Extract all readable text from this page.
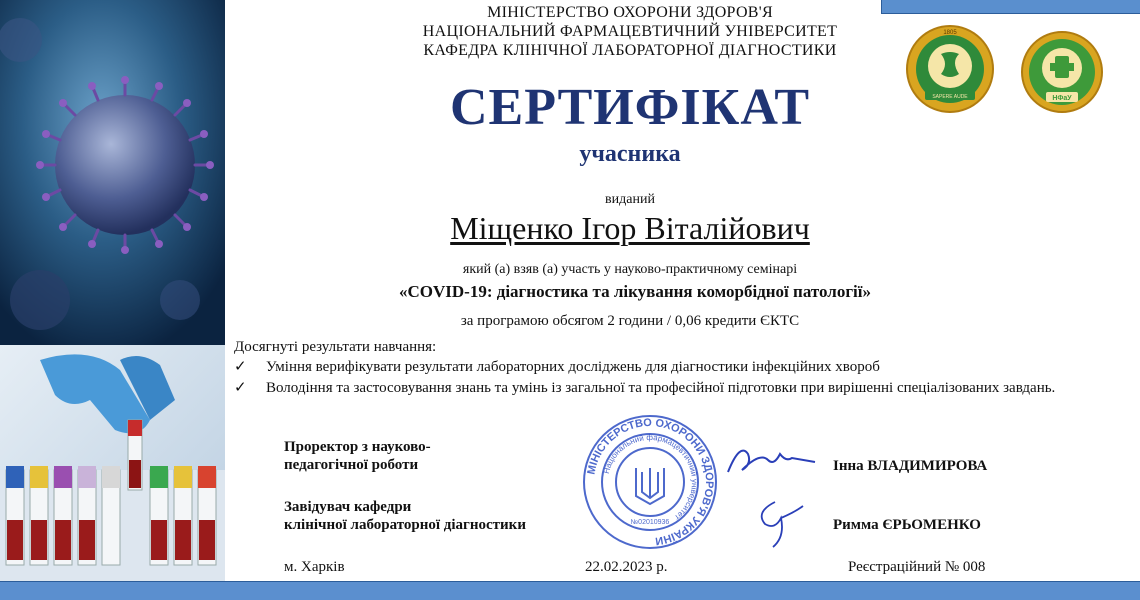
МІНІСТЕРСТВО ОХОРОНИ ЗДОРОВ'Я
НАЦІОНАЛЬНИЙ ФАРМАЦЕВТИЧНИЙ УНІВЕРСИТЕТ
КАФЕДРА КЛІНІЧНОЇ ЛАБОРАТОРНОЇ ДІАГНОСТИКИ
1805
SAPERE AUDE
1921
НФаУ
СЕРТИФІКАТ
учасника
виданий
Міщенко Ігор Віталійович
який (а) взяв (а) участь у науково-практичному семінарі
«COVID-19: діагностика та лікування коморбідної патології»
за програмою обсягом 2 години / 0,06 кредити ЄКТС
Досягнуті результати навчання:
✓	Уміння верифікувати результати лабораторних досліджень для діагностики інфекційних хвороб
✓	Володіння та застосовування знань та умінь із загальної та професійної підготовки при вирішенні спеціалізованих завдань.
Проректор з науково-
педагогічної роботи	Інна ВЛАДИМИРОВА
Завідувач кафедри
клінічної лабораторної діагностики	Римма ЄРЬОМЕНКО
МІНІСТЕРСТВО ОХОРОНИ ЗДОРОВ'Я УКРАЇНИ
Національний фармацевтичний університет
№02010936
м. Харків	22.02.2023 р.	Реєстраційний № 008
